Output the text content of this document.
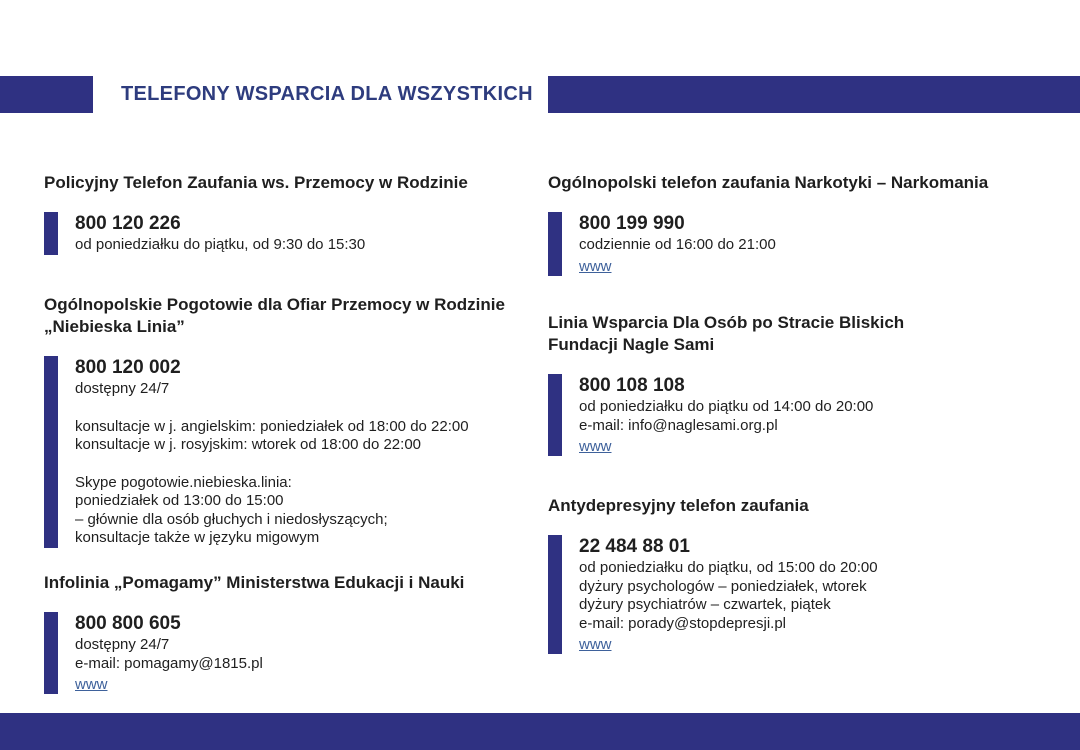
TELEFONY WSPARCIA DLA WSZYSTKICH
Policyjny Telefon Zaufania ws. Przemocy w Rodzinie
800 120 226
od poniedziałku do piątku, od 9:30 do 15:30
Ogólnopolskie Pogotowie dla Ofiar Przemocy w Rodzinie
„Niebieska Linia”
800 120 002
dostępny 24/7
konsultacje w j. angielskim: poniedziałek od 18:00 do 22:00
konsultacje w j. rosyjskim: wtorek od 18:00 do 22:00
Skype pogotowie.niebieska.linia:
poniedziałek od 13:00 do 15:00
– głównie dla osób głuchych i niedosłyszących;
konsultacje także w języku migowym
Infolinia „Pomagamy” Ministerstwa Edukacji i Nauki
800 800 605
dostępny 24/7
e-mail: pomagamy@1815.pl
www
Ogólnopolski telefon zaufania Narkotyki – Narkomania
800 199 990
codziennie od 16:00 do 21:00
www
Linia Wsparcia Dla Osób po Stracie Bliskich
Fundacji Nagle Sami
800 108 108
od poniedziałku do piątku od 14:00 do 20:00
e-mail: info@naglesami.org.pl
www
Antydepresyjny telefon zaufania
22 484 88 01
od poniedziałku do piątku, od 15:00 do 20:00
dyżury psychologów – poniedziałek, wtorek
dyżury psychiatrów – czwartek, piątek
e-mail: porady@stopdepresji.pl
www
